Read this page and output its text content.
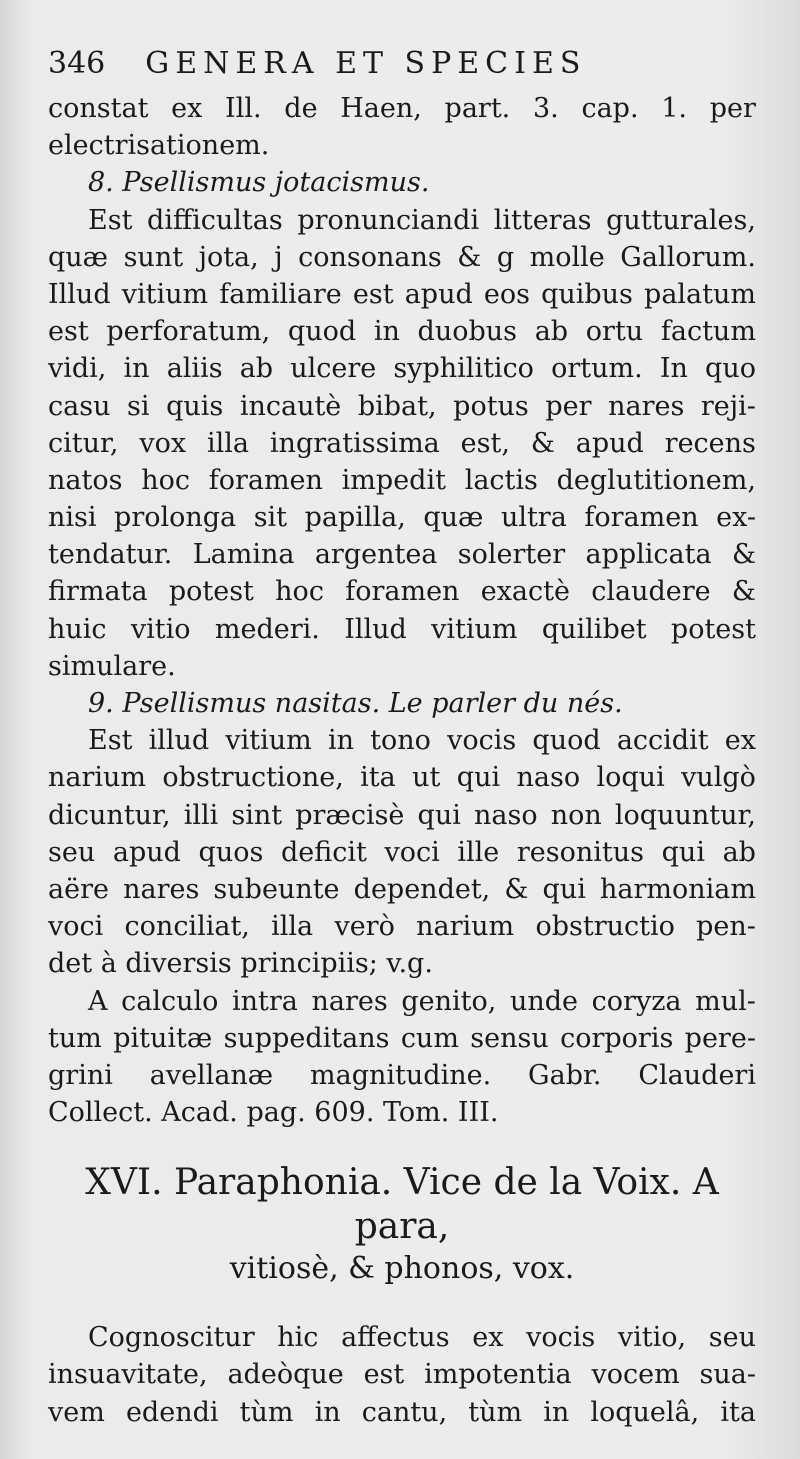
346 GENERA ET SPECIES
constat ex Ill. de Haen, part. 3. cap. 1. per
electrisationem.
8. Psellismus jotacismus.
Est difficultas pronunciandi litteras gutturales,
quæ sunt jota, j consonans & g molle Gallorum.
Illud vitium familiare est apud eos quibus palatum
est perforatum, quod in duobus ab ortu factum
vidi, in aliis ab ulcere syphilitico ortum. In quo
casu si quis incautè bibat, potus per nares reji-
citur, vox illa ingratissima est, & apud recens
natos hoc foramen impedit lactis deglutitionem,
nisi prolonga sit papilla, quæ ultra foramen ex-
tendatur. Lamina argentea solerter applicata &
firmata potest hoc foramen exactè claudere &
huic vitio mederi. Illud vitium quilibet potest
simulare.
9. Psellismus nasitas. Le parler du nés.
Est illud vitium in tono vocis quod accidit ex
narium obstructione, ita ut qui naso loqui vulgò
dicuntur, illi sint præcisè qui naso non loquuntur,
seu apud quos deficit voci ille resonitus qui ab
aëre nares subeunte dependet, & qui harmoniam
voci conciliat, illa verò narium obstructio pen-
det à diversis principiis; v.g.
A calculo intra nares genito, unde coryza mul-
tum pituitæ suppeditans cum sensu corporis pere-
grini avellanæ magnitudine. Gabr. Clauderi
Collect. Acad. pag. 609. Tom. III.
XVI. Paraphonia. Vice de la Voix. A para,
vitiosè, & phonos, vox.
Cognoscitur hic affectus ex vocis vitio, seu
insuavitate, adeòque est impotentia vocem sua-
vem edendi tùm in cantu, tùm in loquelâ, ita
